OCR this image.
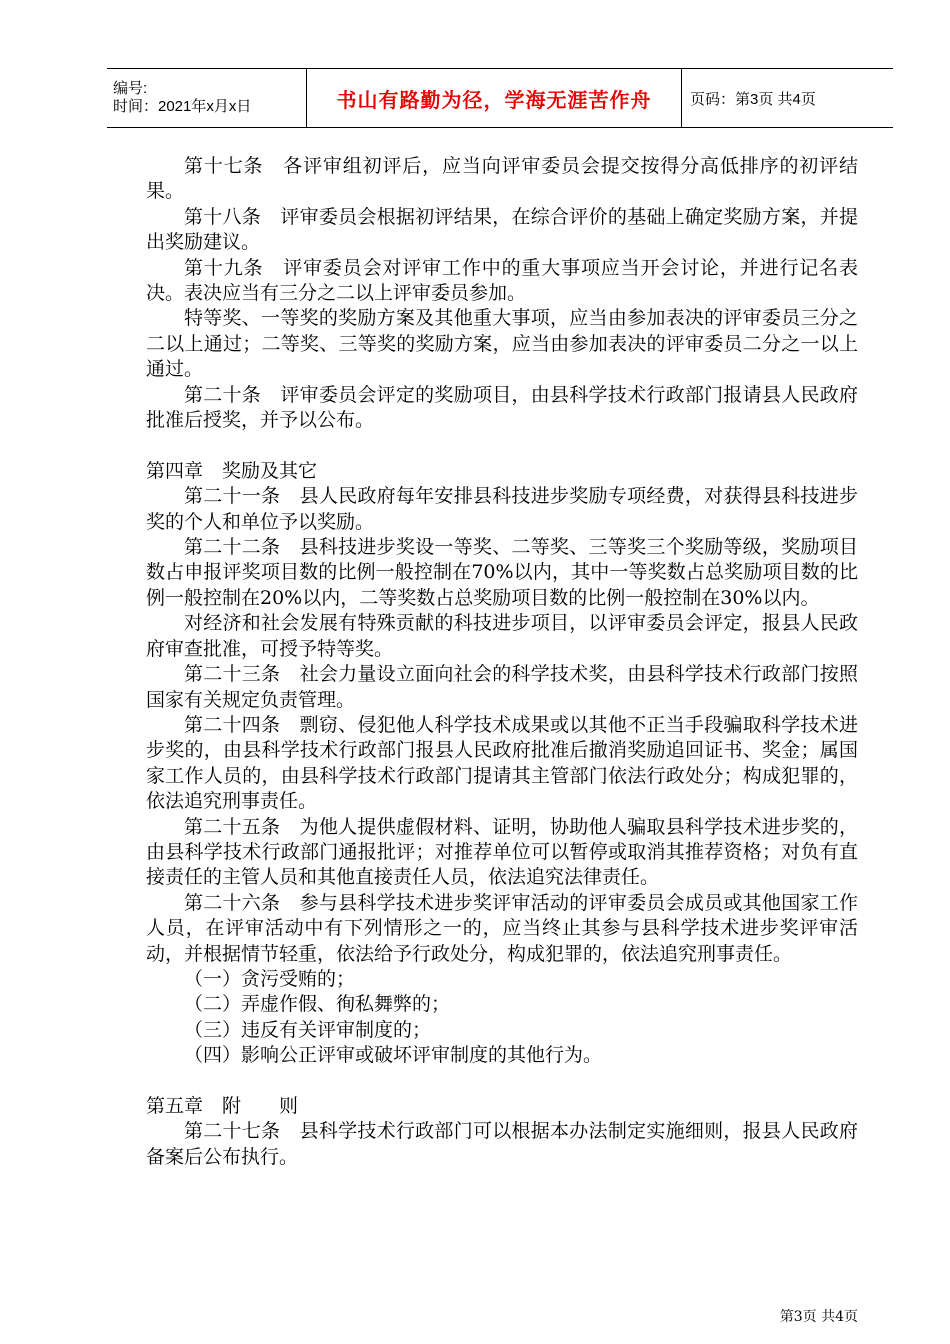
编号:
时间：2021年x月x日	书山有路勤为径，学海无涯苦作舟	页码：第3页 共4页

第十七条　各评审组初评后，应当向评审委员会提交按得分高低排序的初评结果。

第十八条　评审委员会根据初评结果，在综合评价的基础上确定奖励方案，并提出奖励建议。

第十九条　评审委员会对评审工作中的重大事项应当开会讨论，并进行记名表决。表决应当有三分之二以上评审委员参加。

特等奖、一等奖的奖励方案及其他重大事项，应当由参加表决的评审委员三分之二以上通过；二等奖、三等奖的奖励方案，应当由参加表决的评审委员二分之一以上通过。

第二十条　评审委员会评定的奖励项目，由县科学技术行政部门报请县人民政府批准后授奖，并予以公布。

第四章　奖励及其它

第二十一条　县人民政府每年安排县科技进步奖励专项经费，对获得县科技进步奖的个人和单位予以奖励。

第二十二条　县科技进步奖设一等奖、二等奖、三等奖三个奖励等级，奖励项目数占申报评奖项目数的比例一般控制在70%以内，其中一等奖数占总奖励项目数的比例一般控制在20%以内，二等奖数占总奖励项目数的比例一般控制在30%以内。

对经济和社会发展有特殊贡献的科技进步项目，以评审委员会评定，报县人民政府审查批准，可授予特等奖。

第二十三条　社会力量设立面向社会的科学技术奖，由县科学技术行政部门按照国家有关规定负责管理。

第二十四条　剽窃、侵犯他人科学技术成果或以其他不正当手段骗取科学技术进步奖的，由县科学技术行政部门报县人民政府批准后撤消奖励追回证书、奖金；属国家工作人员的，由县科学技术行政部门提请其主管部门依法行政处分；构成犯罪的，依法追究刑事责任。

第二十五条　为他人提供虚假材料、证明，协助他人骗取县科学技术进步奖的，由县科学技术行政部门通报批评；对推荐单位可以暂停或取消其推荐资格；对负有直接责任的主管人员和其他直接责任人员，依法追究法律责任。

第二十六条　参与县科学技术进步奖评审活动的评审委员会成员或其他国家工作人员，在评审活动中有下列情形之一的，应当终止其参与县科学技术进步奖评审活动，并根据情节轻重，依法给予行政处分，构成犯罪的，依法追究刑事责任。

（一）贪污受贿的；

（二）弄虚作假、徇私舞弊的；

（三）违反有关评审制度的；

（四）影响公正评审或破坏评审制度的其他行为。

第五章　附　　则

第二十七条　县科学技术行政部门可以根据本办法制定实施细则，报县人民政府备案后公布执行。

第3页 共4页
